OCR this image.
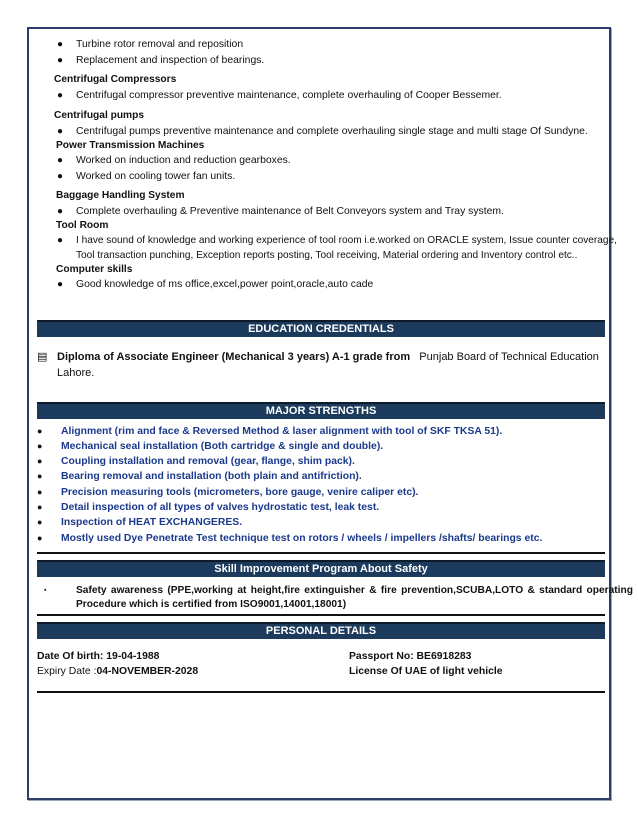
● Turbine rotor removal and reposition
● Replacement and inspection of bearings.
Centrifugal Compressors
● Centrifugal compressor preventive maintenance, complete overhauling of Cooper Bessemer.
Centrifugal pumps
● Centrifugal pumps preventive maintenance and complete overhauling single stage and multi stage Of Sundyne.
Power Transmission Machines
● Worked on induction and reduction gearboxes.
● Worked on cooling tower fan units.
Baggage Handling System
● Complete overhauling & Preventive maintenance of Belt Conveyors system and Tray system.
Tool Room
● I have sound of knowledge and working experience of tool room i.e.worked on ORACLE system, Issue counter coverage,
Tool transaction punching, Exception reports posting, Tool receiving, Material ordering and Inventory control etc..
Computer skills
● Good knowledge of ms office,excel,power point,oracle,auto cade
EDUCATION CREDENTIALS
▤ Diploma of Associate Engineer (Mechanical 3 years) A-1 grade from Punjab Board of Technical Education
Lahore.
MAJOR STRENGTHS
● Alignment (rim and face & Reversed Method & laser alignment with tool of SKF TKSA 51).
● Mechanical seal installation (Both cartridge & single and double).
● Coupling installation and removal (gear, flange, shim pack).
● Bearing removal and installation (both plain and antifriction).
● Precision measuring tools (micrometers, bore gauge, venire caliper etc).
● Detail inspection of all types of valves hydrostatic test, leak test.
● Inspection of HEAT EXCHANGERES.
● Mostly used Dye Penetrate Test technique test on rotors / wheels / impellers /shafts/ bearings etc.
Skill Improvement Program About Safety
▪	Safety awareness (PPE,working at height,fire extinguisher & fire prevention,SCUBA,LOTO & standard operating
Procedure which is certified from ISO9001,14001,18001)
PERSONAL DETAILS
Date Of birth: 19-04-1988
Expiry Date :04-NOVEMBER-2028
Passport No: BE6918283
License Of UAE of light vehicle
